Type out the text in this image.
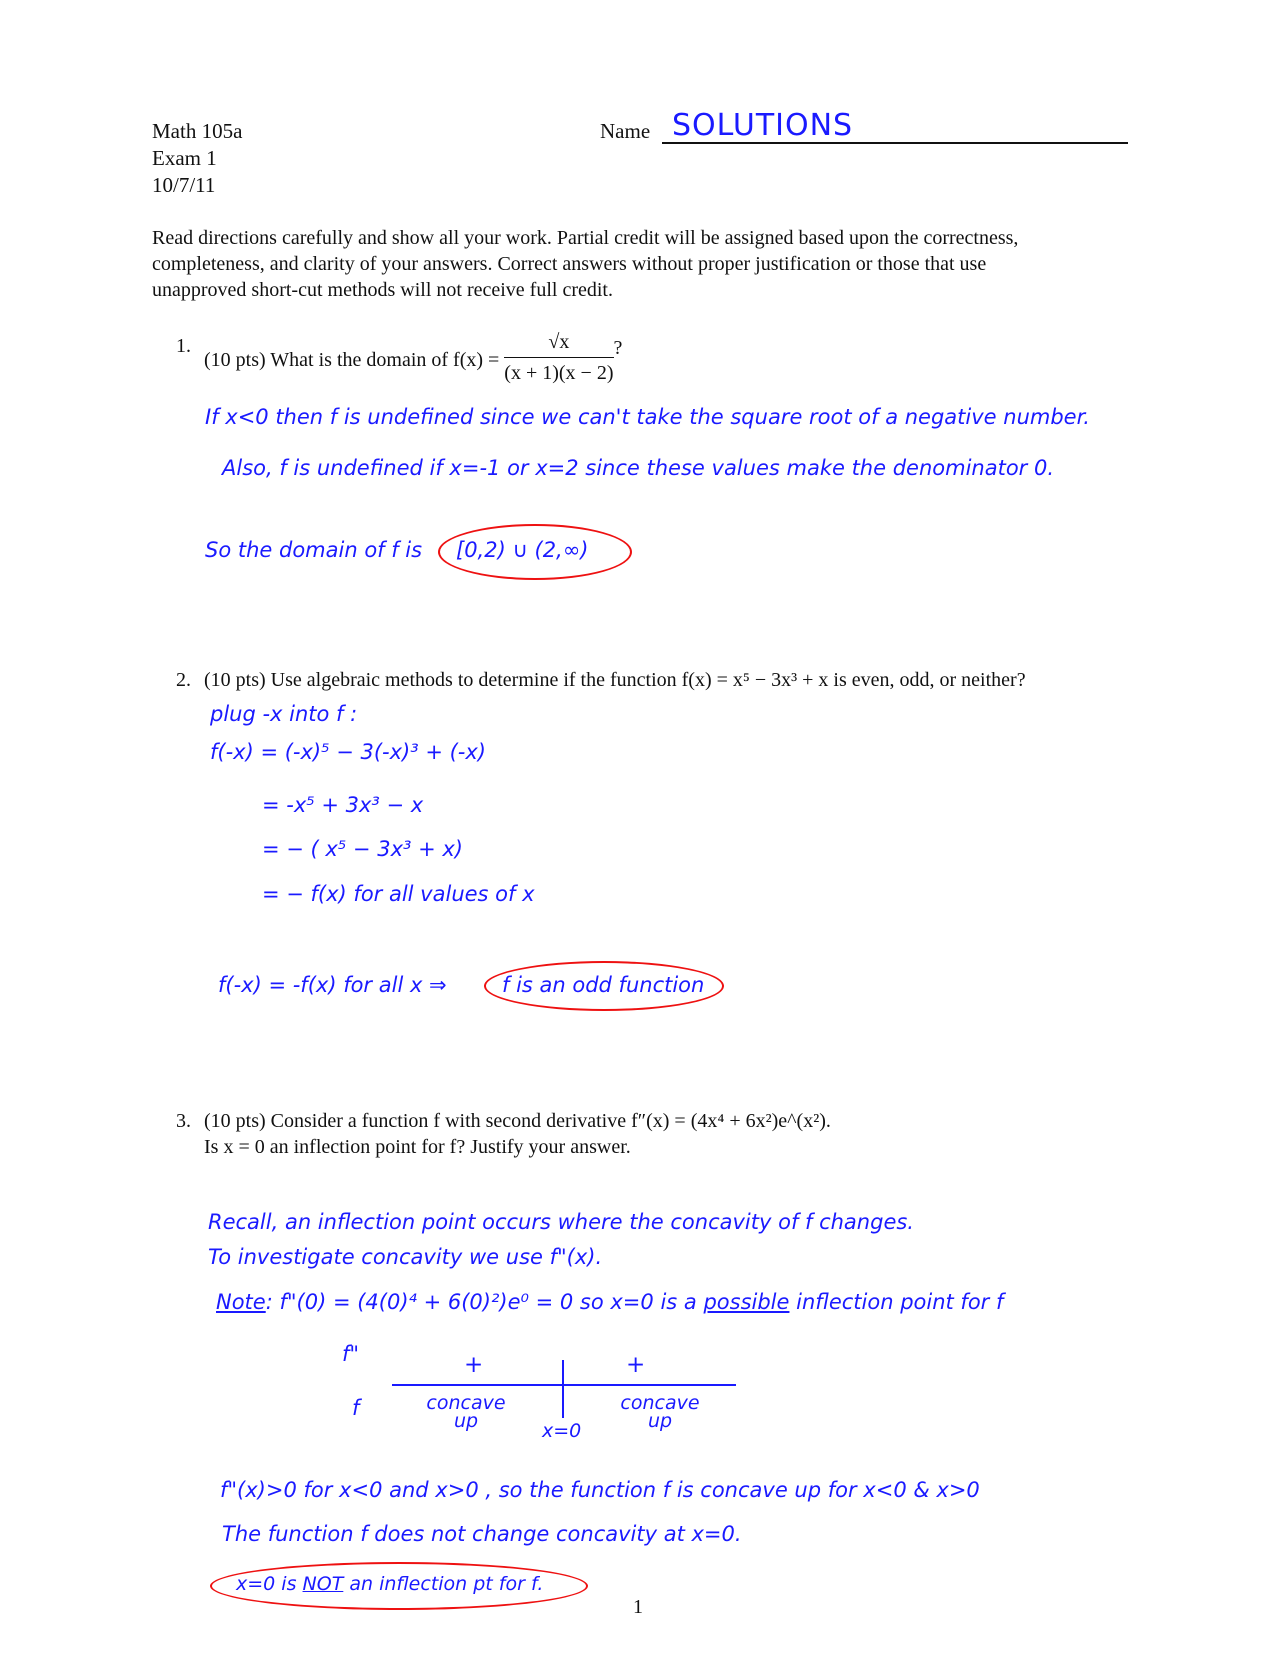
Math 105a
Exam 1
10/7/11
Name SOLUTIONS
Read directions carefully and show all your work. Partial credit will be assigned based upon the correctness,
completeness, and clarity of your answers. Correct answers without proper justification or those that use
unapproved short-cut methods will not receive full credit.
1.
(10 pts) What is the domain of $f(x) = \frac{√x}{(x + 1)(x - 2)}$ ?
If x<0 then f is undefined since we can't take the square root of a negative number.
Also, f is undefined if x=-1 or x=2 since these values make the denominator 0.
So the domain of f is [0,2) ∪ (2,∞)
2. (10 pts) Use algebraic methods to determine if the function f(x) = x⁵ − 3x³ + x is even, odd, or neither?
plug -x into f :
f(-x) = (-x)⁵ − 3(-x)³ + (-x)
= -x⁵ + 3x³ − x
= − ( x⁵ − 3x³ + x)
= − f(x) for all values of x
f(-x) = -f(x) for all x ⇒	f is an odd function
3. (10 pts) Consider a function f with second derivative f″(x) = (4x⁴ + 6x²)e^(x²).
Is x = 0 an inflection point for f? Justify your answer.
Recall, an inflection point occurs where the concavity of f changes.
To investigate concavity we use f"(x).
Note: f"(0) = (4(0)⁴ + 6(0)²)e⁰ = 0 so x=0 is a possible inflection point for f
f"
f
+	+
concave
up
concave
up
x=0
f"(x)>0 for x<0 and x>0 , so the function f is concave up for x<0 & x>0
The function f does not change concavity at x=0.
x=0 is NOT an inflection pt for f.
1
